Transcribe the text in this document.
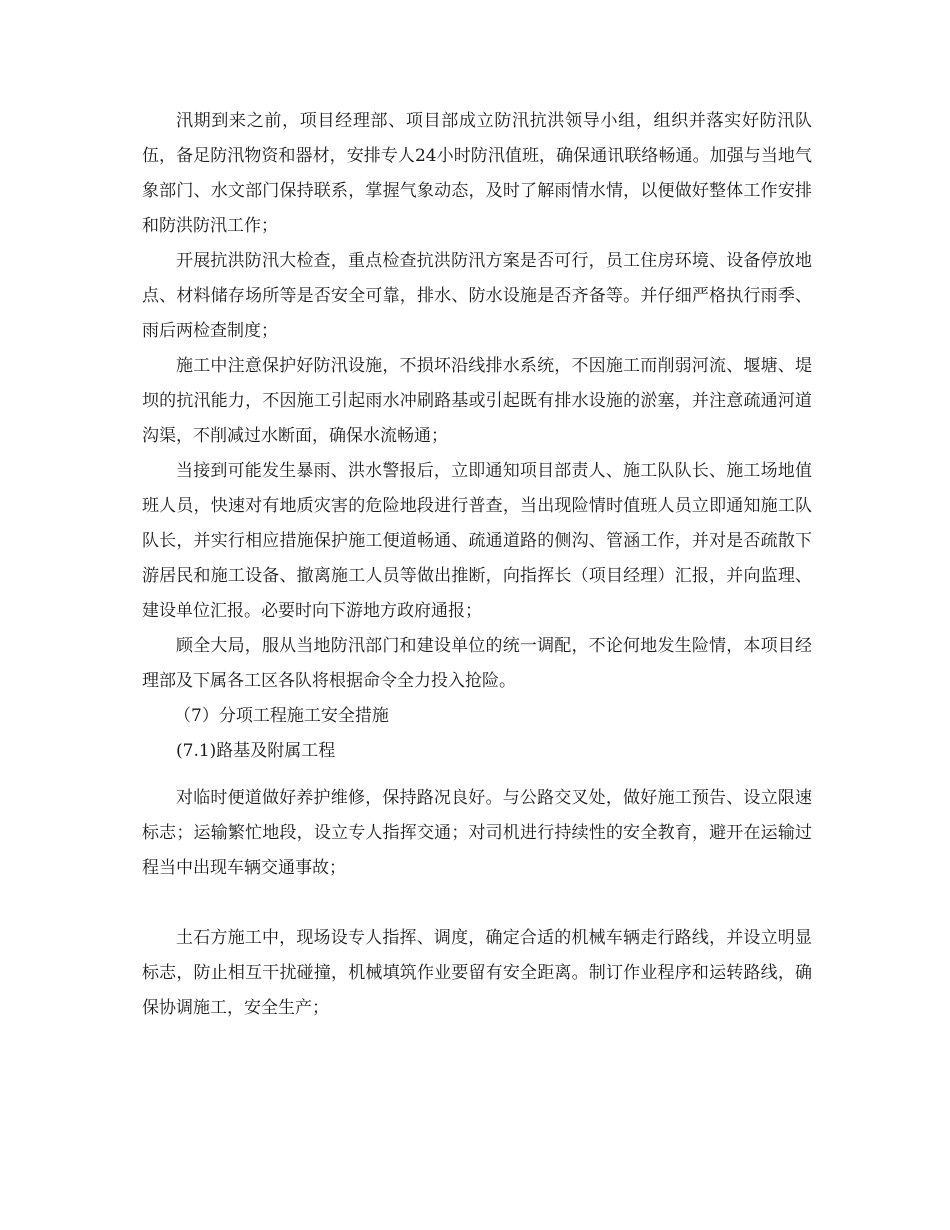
汛期到来之前，项目经理部、项目部成立防汛抗洪领导小组，组织并落实好防汛队伍，备足防汛物资和器材，安排专人24小时防汛值班，确保通讯联络畅通。加强与当地气象部门、水文部门保持联系，掌握气象动态，及时了解雨情水情，以便做好整体工作安排和防洪防汛工作；

开展抗洪防汛大检查，重点检查抗洪防汛方案是否可行，员工住房环境、设备停放地点、材料储存场所等是否安全可靠，排水、防水设施是否齐备等。并仔细严格执行雨季、雨后两检查制度；

施工中注意保护好防汛设施，不损坏沿线排水系统，不因施工而削弱河流、堰塘、堤坝的抗汛能力，不因施工引起雨水冲刷路基或引起既有排水设施的淤塞，并注意疏通河道沟渠，不削减过水断面，确保水流畅通；

当接到可能发生暴雨、洪水警报后，立即通知项目部责人、施工队队长、施工场地值班人员，快速对有地质灾害的危险地段进行普查，当出现险情时值班人员立即通知施工队队长，并实行相应措施保护施工便道畅通、疏通道路的侧沟、管涵工作，并对是否疏散下游居民和施工设备、撤离施工人员等做出推断，向指挥长（项目经理）汇报，并向监理、建设单位汇报。必要时向下游地方政府通报；

顾全大局，服从当地防汛部门和建设单位的统一调配，不论何地发生险情，本项目经理部及下属各工区各队将根据命令全力投入抢险。

（7）分项工程施工安全措施

(7.1)路基及附属工程

对临时便道做好养护维修，保持路况良好。与公路交叉处，做好施工预告、设立限速标志；运输繁忙地段，设立专人指挥交通；对司机进行持续性的安全教育，避开在运输过程当中出现车辆交通事故；

土石方施工中，现场设专人指挥、调度，确定合适的机械车辆走行路线，并设立明显标志，防止相互干扰碰撞，机械填筑作业要留有安全距离。制订作业程序和运转路线，确保协调施工，安全生产；
